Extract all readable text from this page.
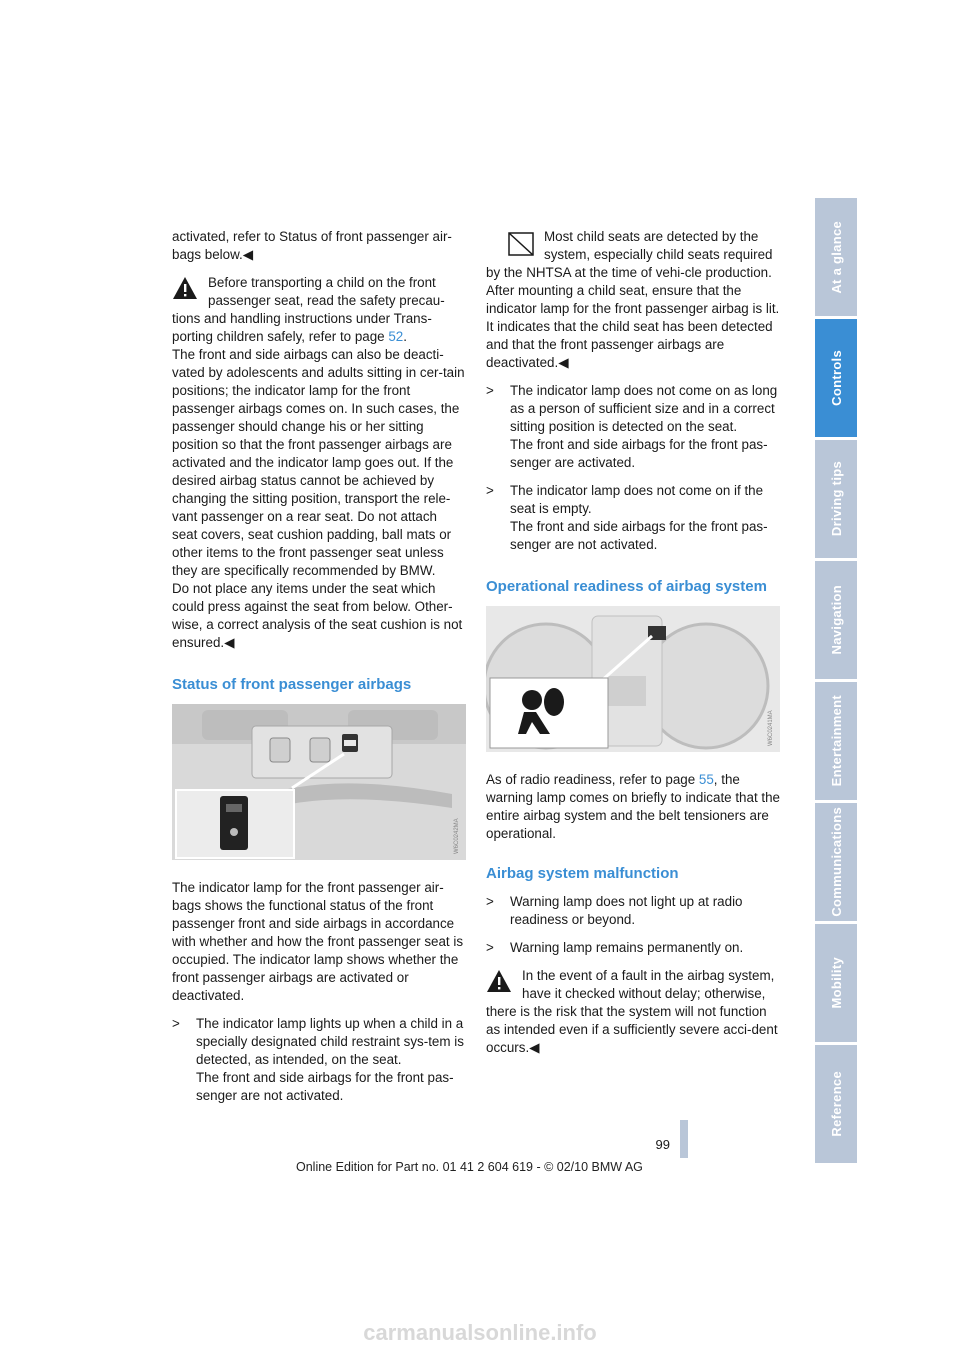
At a glance
Controls
Driving tips
Navigation
Entertainment
Communications
Mobility
Reference

activated, refer to Status of front passenger air-bags below.◀

Before transporting a child on the front passenger seat, read the safety precau-tions and handling instructions under Trans-porting children safely, refer to page 52.
The front and side airbags can also be deacti-vated by adolescents and adults sitting in cer-tain positions; the indicator lamp for the front passenger airbags comes on. In such cases, the passenger should change his or her sitting position so that the front passenger airbags are activated and the indicator lamp goes out. If the desired airbag status cannot be achieved by changing the sitting position, transport the rele-vant passenger on a rear seat. Do not attach seat covers, seat cushion padding, ball mats or other items to the front passenger seat unless they are specifically recommended by BMW.
Do not place any items under the seat which could press against the seat from below. Other-wise, a correct analysis of the seat cushion is not ensured.◀
Status of front passenger airbags
W6C0242MA

The indicator lamp for the front passenger air-bags shows the functional status of the front passenger front and side airbags in accordance with whether and how the front passenger seat is occupied. The indicator lamp shows whether the front passenger airbags are activated or deactivated.

>	The indicator lamp lights up when a child in a specially designated child restraint sys-tem is detected, as intended, on the seat.
The front and side airbags for the front pas-senger are not activated.
Most child seats are detected by the system, especially child seats required by the NHTSA at the time of vehi-cle production. After mounting a child seat, ensure that the indicator lamp for the front passenger airbag is lit. It indicates that the child seat has been detected and that the front passenger airbags are deactivated.◀
>	The indicator lamp does not come on as long as a person of sufficient size and in a correct sitting position is detected on the seat.
The front and side airbags for the front pas-senger are activated.
>	The indicator lamp does not come on if the seat is empty.
The front and side airbags for the front pas-senger are not activated.
Operational readiness of airbag system
W6C0241MA

As of radio readiness, refer to page 55, the warning lamp comes on briefly to indicate that the entire airbag system and the belt tensioners are operational.

Airbag system malfunction
>	Warning lamp does not light up at radio readiness or beyond.
>	Warning lamp remains permanently on.
In the event of a fault in the airbag system, have it checked without delay; otherwise, there is the risk that the system will not function as intended even if a sufficiently severe acci-dent occurs.◀
99
Online Edition for Part no. 01 41 2 604 619 - © 02/10 BMW AG
carmanualsonline.info
